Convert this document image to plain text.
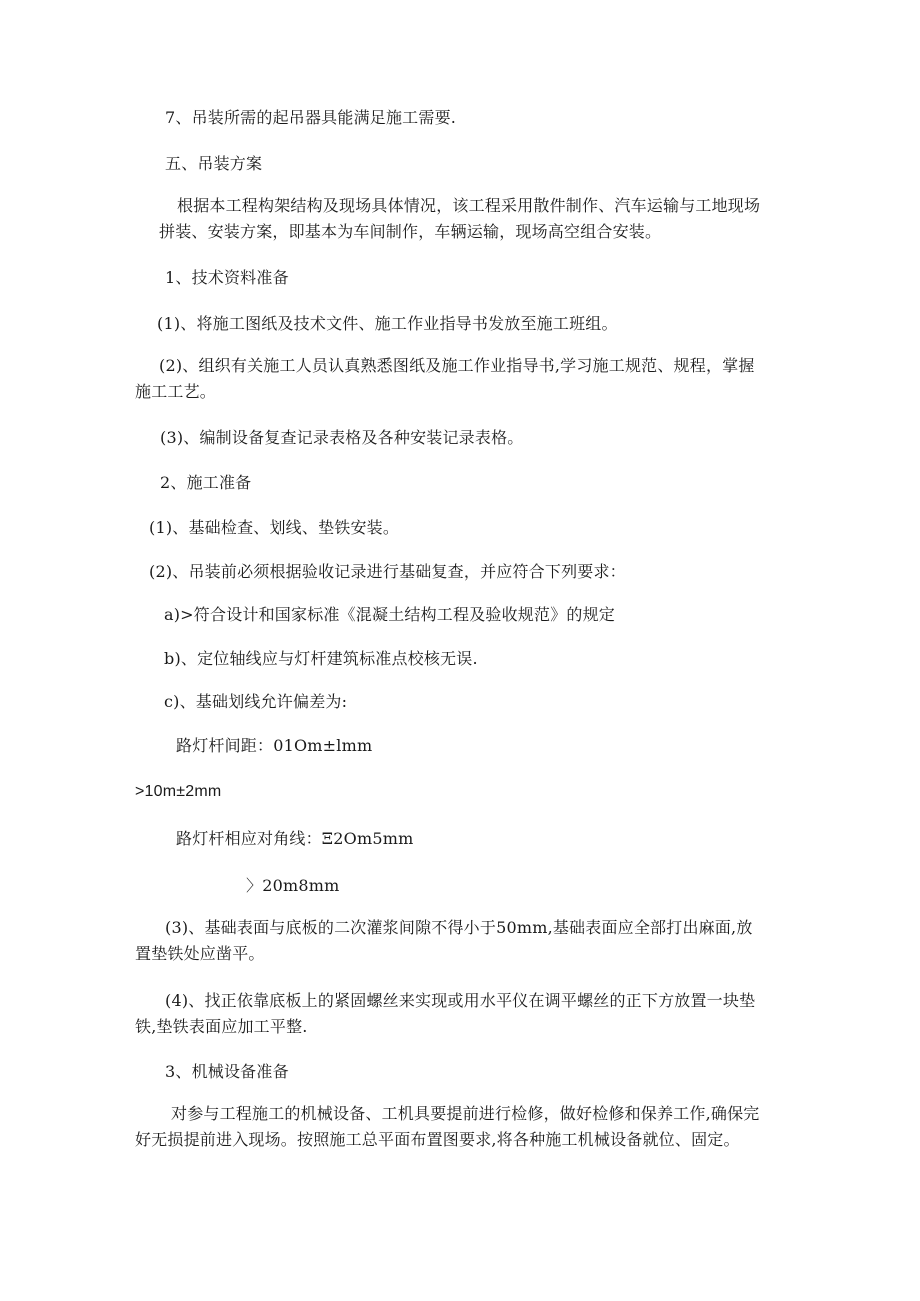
7、吊装所需的起吊器具能满足施工需要.
五、吊装方案
根据本工程构架结构及现场具体情况，该工程采用散件制作、汽车运输与工地现场
拼装、安装方案，即基本为车间制作，车辆运输，现场高空组合安装。
1、技术资料准备
(1)、将施工图纸及技术文件、施工作业指导书发放至施工班组。
(2)、组织有关施工人员认真熟悉图纸及施工作业指导书,学习施工规范、规程，掌握
施工工艺。
(3)、编制设备复查记录表格及各种安装记录表格。
2、施工准备
(1)、基础检查、划线、垫铁安装。
(2)、吊装前必须根据验收记录进行基础复查，并应符合下列要求：
a)>符合设计和国家标准《混凝土结构工程及验收规范》的规定
b)、定位轴线应与灯杆建筑标准点校核无误.
c)、基础划线允许偏差为:
路灯杆间距：01Om±lmm
>10m±2mm
路灯杆相应对角线：Ξ2Om5mm
〉20m8mm
(3)、基础表面与底板的二次灌浆间隙不得小于50mm,基础表面应全部打出麻面,放
置垫铁处应凿平。
(4)、找正依靠底板上的紧固螺丝来实现或用水平仪在调平螺丝的正下方放置一块垫
铁,垫铁表面应加工平整.
3、机械设备准备
对参与工程施工的机械设备、工机具要提前进行检修，做好检修和保养工作,确保完
好无损提前进入现场。按照施工总平面布置图要求,将各种施工机械设备就位、固定。
